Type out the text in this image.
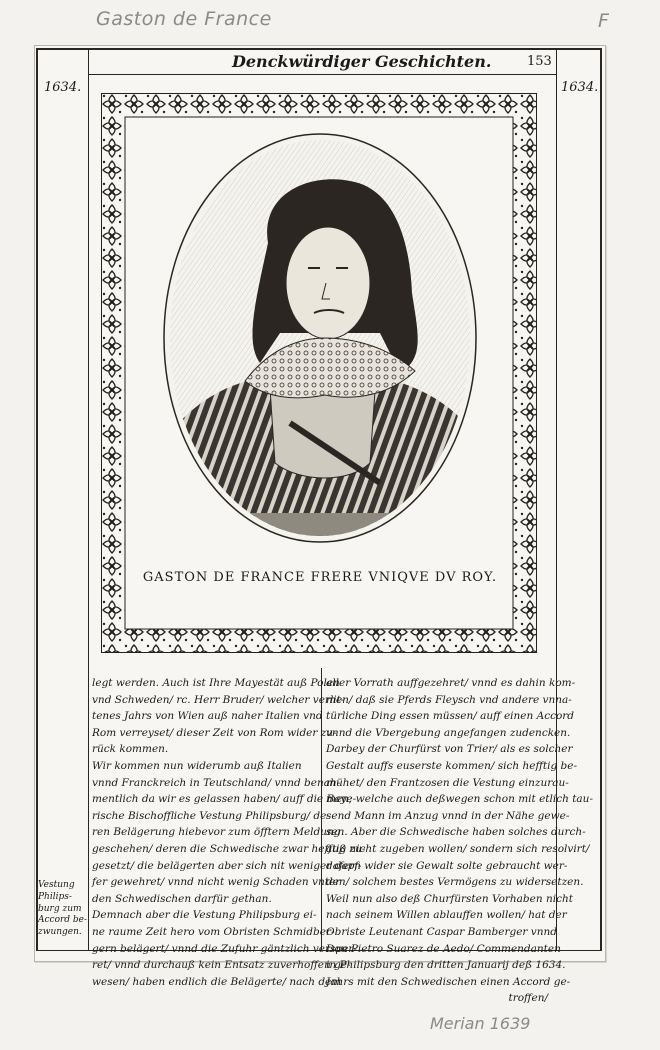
Gaston de France	F
Merian 1639
Denckwürdiger Geschichten.	153
1634.	1634.
GASTON DE FRANCE FRERE VNIQVE DV ROY.
legt werden. Auch ist Ihre Mayestät auß Polen
vnd Schweden/ rc. Herr Bruder/ welcher verlit-
tenes Jahrs von Wien auß naher Italien vnd
Rom verreyset/ dieser Zeit von Rom wider zu-
rück kommen.
Wir kommen nun widerumb auß Italien
vnnd Franckreich in Teutschland/ vnnd benah-
mentlich da wir es gelassen haben/ auff die Baye-
rische Bischoffliche Vestung Philipsburg/ de-
ren Belägerung hiebevor zum öfftern Meldung
geschehen/ deren die Schwedische zwar hefftig zu-
gesetzt/ die belägerten aber sich nit weniger dapf-
fer gewehret/ vnnd nicht wenig Schaden vnter
den Schwedischen darfür gethan.
Demnach aber die Vestung Philipsburg ei-
ne raume Zeit hero vom Obristen Schmidber-
gern belägert/ vnnd die Zufuhr gäntzlich versper-
ret/ vnnd durchauß kein Entsatz zuverhoffen ge-
wesen/ haben endlich die Belägerte/ nach dem
aller Vorrath auffgezehret/ vnnd es dahin kom-
men/ daß sie Pferds Fleysch vnd andere vnna-
türliche Ding essen müssen/ auff einen Accord
vnnd die Vbergebung angefangen zudencken.
Darbey der Churfürst von Trier/ als es solcher
Gestalt auffs euserste kommen/ sich hefftig be-
mühet/ den Frantzosen die Vestung einzurau-
men; welche auch deßwegen schon mit etlich tau-
send Mann im Anzug vnnd in der Nähe gewe-
sen. Aber die Schwedische haben solches durch-
auß nicht zugeben wollen/ sondern sich resolvirt/
dafern wider sie Gewalt solte gebraucht wer-
den/ solchem bestes Vermögens zu widersetzen.
Weil nun also deß Churfürsten Vorhaben nicht
nach seinem Willen ablauffen wollen/ hat der
Obriste Leutenant Caspar Bamberger vnnd
Don Pietro Suarez de Aedo/ Commendanten
in Philipsburg den dritten Januarij deß 1634.
Jahrs mit den Schwedischen einen Accord ge-
troffen/
Vestung
Philips-
burg zum
Accord be-
zwungen.
